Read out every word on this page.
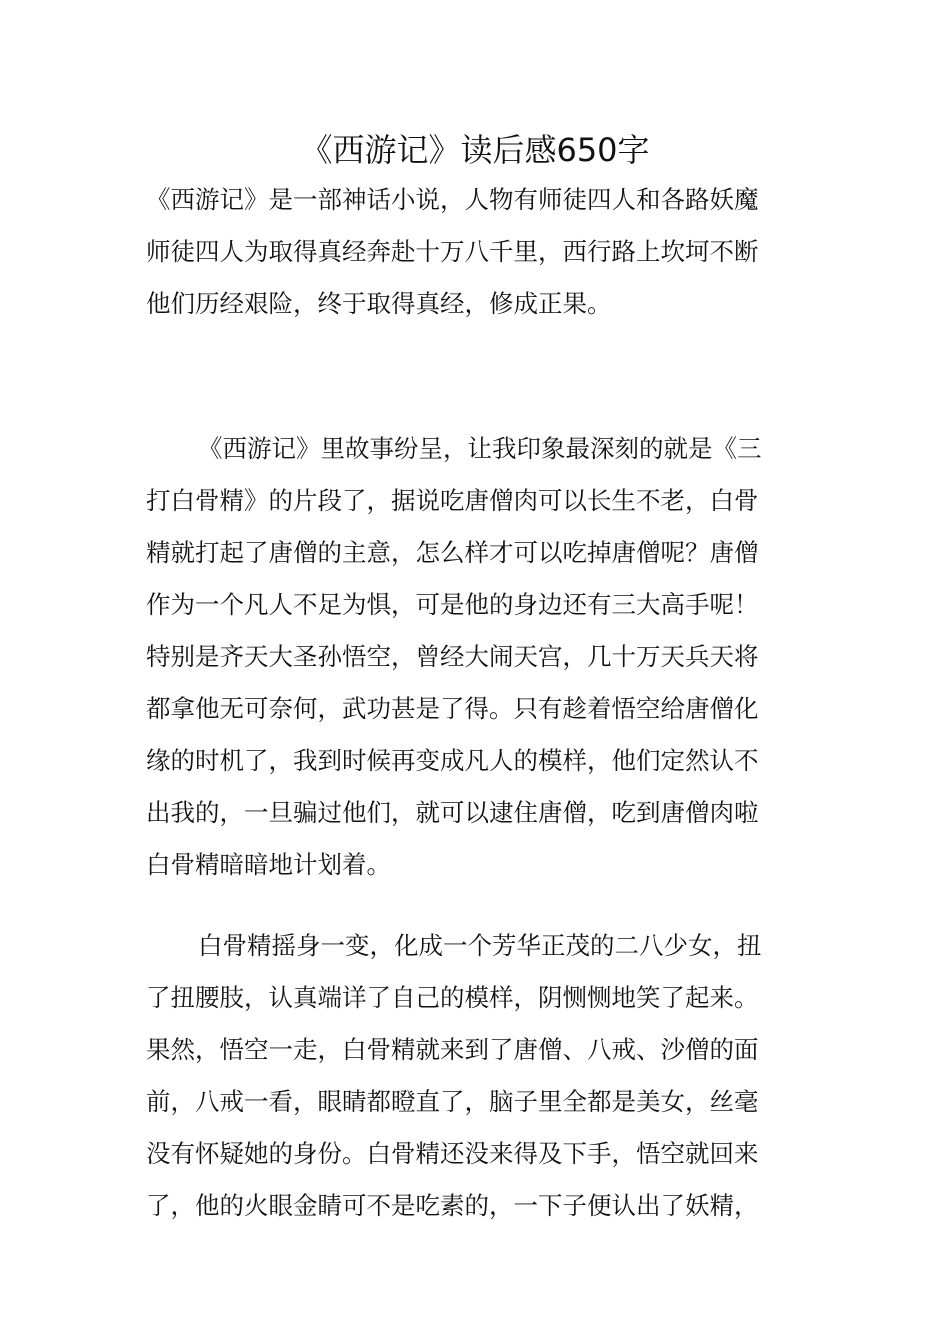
《西游记》读后感650字
《西游记》是一部神话小说，人物有师徒四人和各路妖魔
师徒四人为取得真经奔赴十万八千里，西行路上坎坷不断
他们历经艰险，终于取得真经，修成正果。
《西游记》里故事纷呈，让我印象最深刻的就是《三
打白骨精》的片段了，据说吃唐僧肉可以长生不老，白骨
精就打起了唐僧的主意，怎么样才可以吃掉唐僧呢？唐僧
作为一个凡人不足为惧，可是他的身边还有三大高手呢！
特别是齐天大圣孙悟空，曾经大闹天宫，几十万天兵天将
都拿他无可奈何，武功甚是了得。只有趁着悟空给唐僧化
缘的时机了，我到时候再变成凡人的模样，他们定然认不
出我的，一旦骗过他们，就可以逮住唐僧，吃到唐僧肉啦
白骨精暗暗地计划着。
白骨精摇身一变，化成一个芳华正茂的二八少女，扭
了扭腰肢，认真端详了自己的模样，阴恻恻地笑了起来。
果然，悟空一走，白骨精就来到了唐僧、八戒、沙僧的面
前，八戒一看，眼睛都瞪直了，脑子里全都是美女，丝毫
没有怀疑她的身份。白骨精还没来得及下手，悟空就回来
了，他的火眼金睛可不是吃素的，一下子便认出了妖精，
